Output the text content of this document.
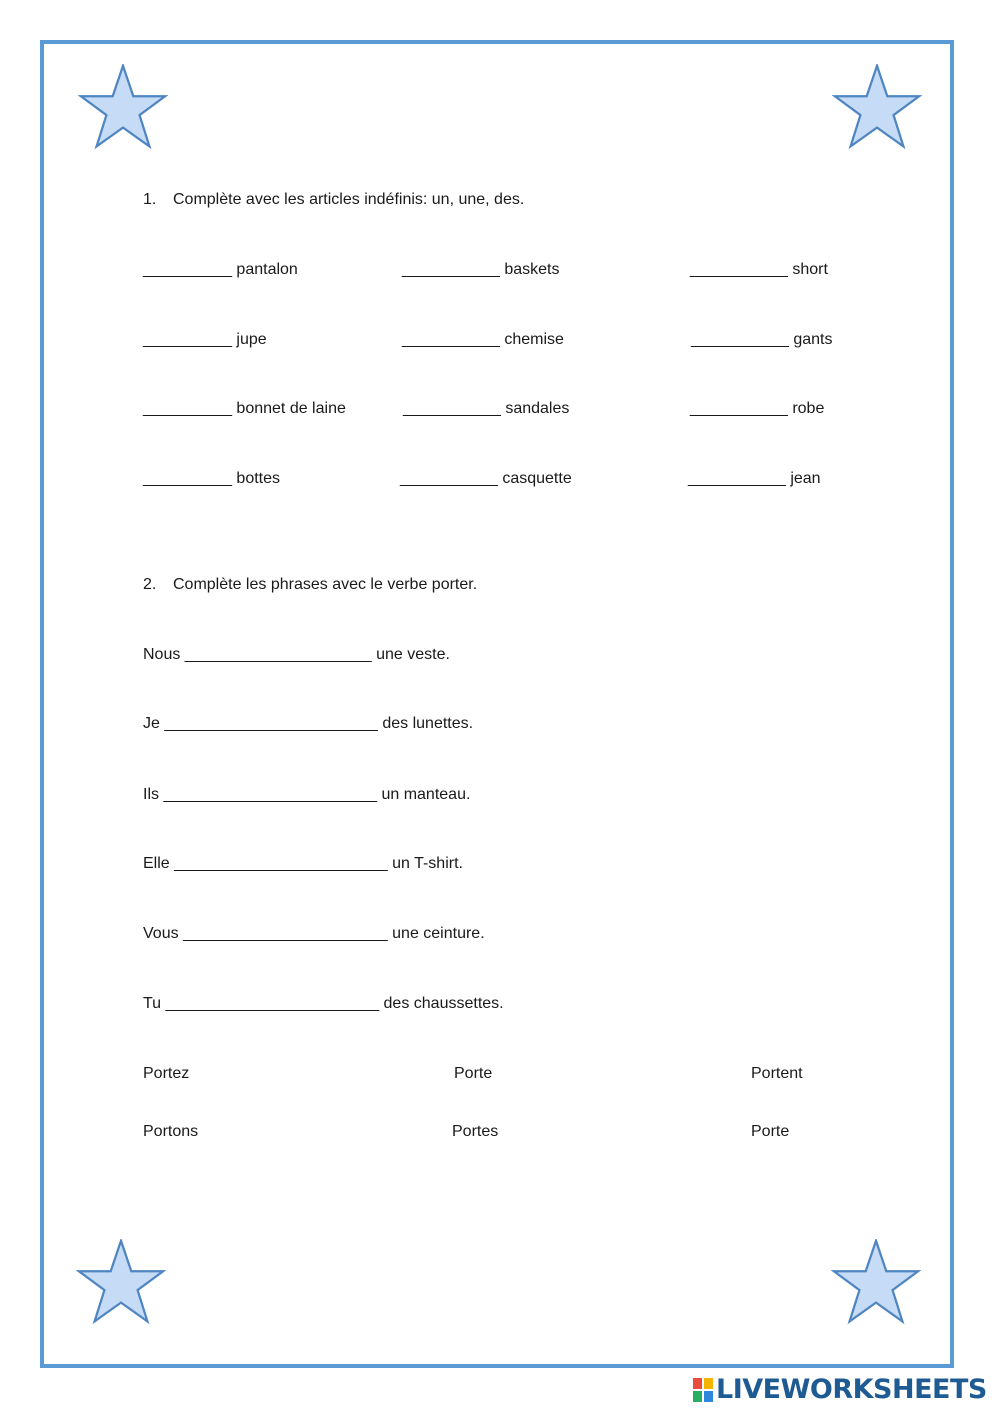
1. Complète avec les articles indéfinis: un, une, des.
__________ pantalon	___________ baskets	___________ short
__________ jupe	___________ chemise	___________ gants
__________ bonnet de laine	___________ sandales	___________ robe
__________ bottes	___________ casquette	___________ jean
2. Complète les phrases avec le verbe porter.
Nous _____________________ une veste.
Je ________________________ des lunettes.
Ils ________________________ un manteau.
Elle ________________________ un T-shirt.
Vous _______________________ une ceinture.
Tu ________________________ des chaussettes.
Portez	Porte	Portent
Portons	Portes	Porte
LIVEWORKSHEETS
